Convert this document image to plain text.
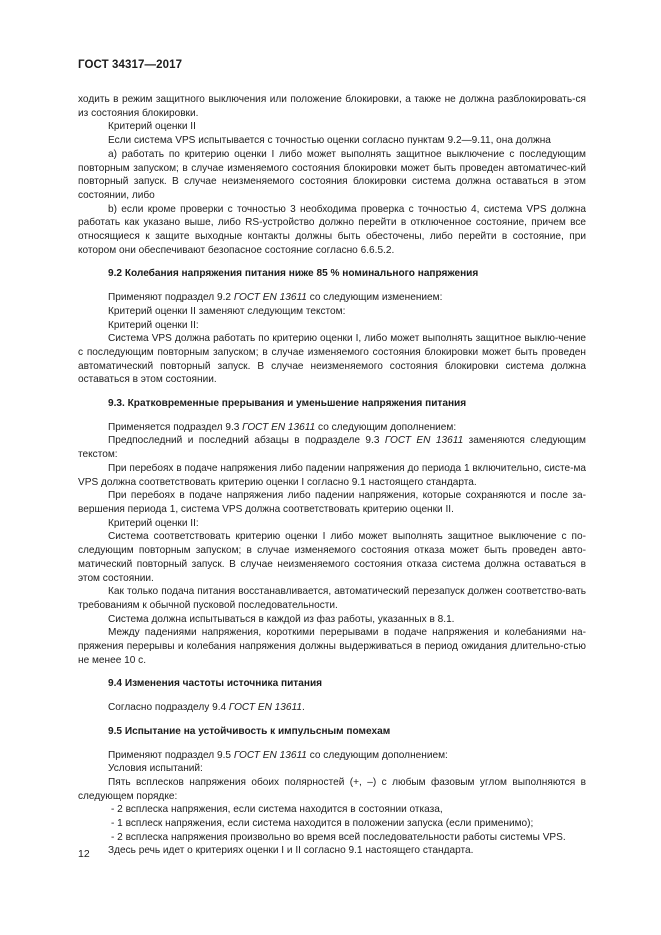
ГОСТ 34317—2017

ходить в режим защитного выключения или положение блокировки, а также не должна разблокировать-ся из состояния блокировки.

Критерий оценки II

Если система VPS испытывается с точностью оценки согласно пунктам 9.2—9.11, она должна

а) работать по критерию оценки I либо может выполнять защитное выключение с последующим повторным запуском; в случае изменяемого состояния блокировки может быть проведен автоматичес-кий повторный запуск. В случае неизменяемого состояния блокировки система должна оставаться в этом состоянии, либо

b) если кроме проверки с точностью 3 необходима проверка с точностью 4, система VPS должна работать как указано выше, либо RS-устройство должно перейти в отключенное состояние, причем все относящиеся к защите выходные контакты должны быть обесточены, либо перейти в состояние, при котором они обеспечивают безопасное состояние согласно 6.6.5.2.

9.2 Колебания напряжения питания ниже 85 % номинального напряжения

Применяют подраздел 9.2 ГОСТ EN 13611 со следующим изменением:

Критерий оценки II заменяют следующим текстом:

Критерий оценки II:

Система VPS должна работать по критерию оценки I, либо может выполнять защитное выклю-чение с последующим повторным запуском; в случае изменяемого состояния блокировки может быть проведен автоматический повторный запуск. В случае неизменяемого состояния блокировки система должна оставаться в этом состоянии.

9.3. Кратковременные прерывания и уменьшение напряжения питания

Применяется подраздел 9.3 ГОСТ EN 13611 со следующим дополнением:

Предпоследний и последний абзацы в подразделе 9.3 ГОСТ EN 13611 заменяются следующим текстом:

При перебоях в подаче напряжения либо падении напряжения до периода 1 включительно, систе-ма VPS должна соответствовать критерию оценки I согласно 9.1 настоящего стандарта.

При перебоях в подаче напряжения либо падении напряжения, которые сохраняются и после за-вершения периода 1, система VPS должна соответствовать критерию оценки II.

Критерий оценки II:

Система соответствовать критерию оценки I либо может выполнять защитное выключение с по-следующим повторным запуском; в случае изменяемого состояния отказа может быть проведен авто-матический повторный запуск. В случае неизменяемого состояния отказа система должна оставаться в этом состоянии.

Как только подача питания восстанавливается, автоматический перезапуск должен соответство-вать требованиям к обычной пусковой последовательности.

Система должна испытываться в каждой из фаз работы, указанных в 8.1.

Между падениями напряжения, короткими перерывами в подаче напряжения и колебаниями на-пряжения перерывы и колебания напряжения должны выдерживаться в период ожидания длительно-стью не менее 10 с.

9.4 Изменения частоты источника питания

Согласно подразделу 9.4 ГОСТ EN 13611.

9.5 Испытание на устойчивость к импульсным помехам

Применяют подраздел 9.5 ГОСТ EN 13611 со следующим дополнением:

Условия испытаний:

Пять всплесков напряжения обоих полярностей (+, –) с любым фазовым углом выполняются в следующем порядке:

- 2 всплеска напряжения, если система находится в состоянии отказа,

- 1 всплеск напряжения, если система находится в положении запуска (если применимо);

- 2 всплеска напряжения произвольно во время всей последовательности работы системы VPS.

Здесь речь идет о критериях оценки I и II согласно 9.1 настоящего стандарта.

12
